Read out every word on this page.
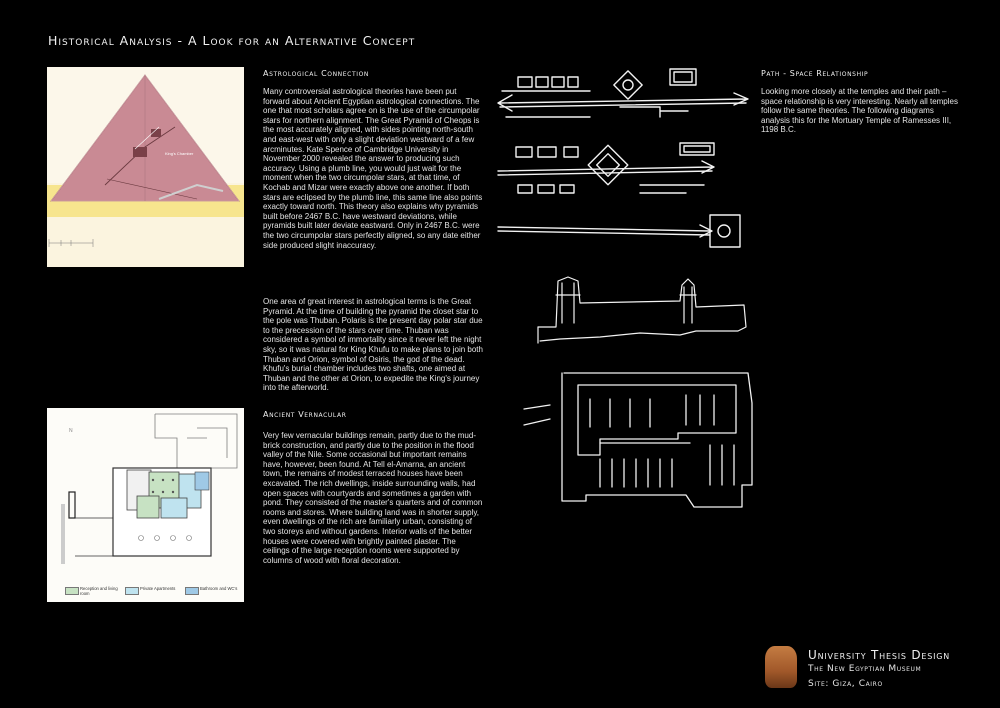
Historical Analysis - A Look for an Alternative Concept
King's Chamber
N
Reception and living room
Private Apartments	Bathroom and WC's
Astrological Connection

Many controversial astrological theories have been put forward about Ancient Egyptian astrological connections. The one that most scholars agree on is the use of the circumpolar stars for northern alignment. The Great Pyramid of Cheops is the most accurately aligned, with sides pointing north-south and east-west with only a slight deviation westward of a few arcminutes. Kate Spence of Cambridge University in November 2000 revealed the answer to producing such accuracy. Using a plumb line, you would just wait for the moment when the two circumpolar stars, at that time, of Kochab and Mizar were exactly above one another. If both stars are eclipsed by the plumb line, this same line also points exactly toward north. This theory also explains why pyramids built before 2467 B.C. have westward deviations, while pyramids built later deviate eastward. Only in 2467 B.C. were the two circumpolar stars perfectly aligned, so any date either side produced slight inaccuracy.

One area of great interest in astrological terms is the Great Pyramid. At the time of building the pyramid the closet star to the pole was Thuban. Polaris is the present day polar star due to the precession of the stars over time. Thuban was considered a symbol of immortality since it never left the night sky, so it was natural for King Khufu to make plans to join both Thuban and Orion, symbol of Osiris, the god of the dead. Khufu's burial chamber includes two shafts, one aimed at Thuban and the other at Orion, to expedite the King's journey into the afterworld.

Ancient Vernacular

Very few vernacular buildings remain, partly due to the mud-brick construction, and partly due to the position in the flood valley of the Nile. Some occasional but important remains have, however, been found. At Tell el-Amarna, an ancient town, the remains of modest terraced houses have been excavated. The rich dwellings, inside surrounding walls, had open spaces with courtyards and sometimes a garden with pond. They consisted of the master's quarters and of common rooms and stores. Where building land was in shorter supply, even dwellings of the rich are familiarly urban, consisting of two storeys and without gardens. Interior walls of the better houses were covered with brightly painted plaster. The ceilings of the large reception rooms were supported by columns of wood with floral decoration.

Path - Space Relationship

Looking more closely at the temples and their path – space relationship is very interesting. Nearly all temples follow the same theories. The following diagrams analysis this for the Mortuary Temple of Ramesses III, 1198 B.C.

University Thesis Design
The New Egyptian Museum
Site: Giza, Cairo
